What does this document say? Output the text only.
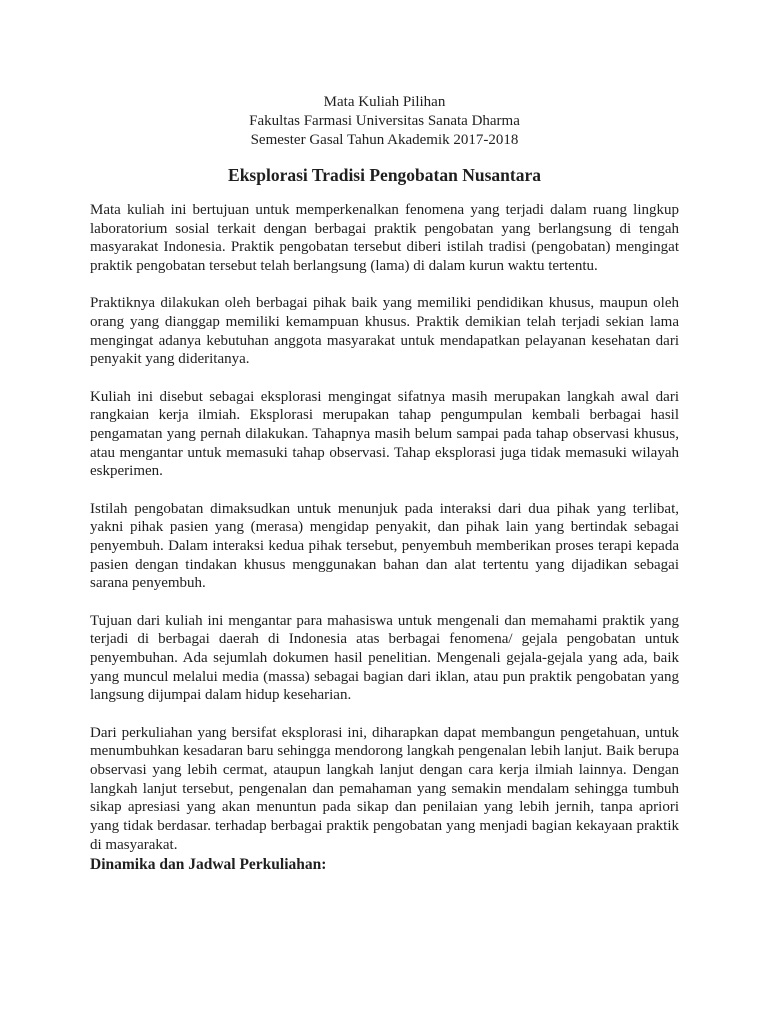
Mata Kuliah Pilihan
Fakultas Farmasi Universitas Sanata Dharma
Semester Gasal Tahun Akademik 2017-2018
Eksplorasi Tradisi Pengobatan Nusantara

Mata kuliah ini bertujuan untuk memperkenalkan fenomena yang terjadi dalam ruang lingkup laboratorium sosial terkait dengan berbagai praktik pengobatan yang berlangsung di tengah masyarakat Indonesia. Praktik pengobatan tersebut diberi istilah tradisi (pengobatan) mengingat praktik pengobatan tersebut telah berlangsung (lama) di dalam kurun waktu tertentu.

Praktiknya dilakukan oleh berbagai pihak baik yang memiliki pendidikan khusus, maupun oleh orang yang dianggap memiliki kemampuan khusus. Praktik demikian telah terjadi sekian lama mengingat adanya kebutuhan anggota masyarakat untuk mendapatkan pelayanan kesehatan dari penyakit yang dideritanya.

Kuliah ini disebut sebagai eksplorasi mengingat sifatnya masih merupakan langkah awal dari rangkaian kerja ilmiah. Eksplorasi merupakan tahap pengumpulan kembali berbagai hasil pengamatan yang pernah dilakukan. Tahapnya masih belum sampai pada tahap observasi khusus, atau mengantar untuk memasuki tahap observasi. Tahap eksplorasi juga tidak memasuki wilayah eskperimen.

Istilah pengobatan dimaksudkan untuk menunjuk pada interaksi dari dua pihak yang terlibat, yakni pihak pasien yang (merasa) mengidap penyakit, dan pihak lain yang bertindak sebagai penyembuh. Dalam interaksi kedua pihak tersebut, penyembuh memberikan proses terapi kepada pasien dengan tindakan khusus menggunakan bahan dan alat tertentu yang dijadikan sebagai sarana penyembuh.

Tujuan dari kuliah ini mengantar para mahasiswa untuk mengenali dan memahami praktik yang terjadi di berbagai daerah di Indonesia atas berbagai fenomena/ gejala pengobatan untuk penyembuhan. Ada sejumlah dokumen hasil penelitian. Mengenali gejala-gejala yang ada, baik yang muncul melalui media (massa) sebagai bagian dari iklan, atau pun praktik pengobatan yang langsung dijumpai dalam hidup keseharian.

Dari perkuliahan yang bersifat eksplorasi ini, diharapkan dapat membangun pengetahuan, untuk menumbuhkan kesadaran baru sehingga mendorong langkah pengenalan lebih lanjut. Baik berupa observasi yang lebih cermat, ataupun langkah lanjut dengan cara kerja ilmiah lainnya. Dengan langkah lanjut tersebut, pengenalan dan pemahaman yang semakin mendalam sehingga tumbuh sikap apresiasi yang akan menuntun pada sikap dan penilaian yang lebih jernih, tanpa apriori yang tidak berdasar. terhadap berbagai praktik pengobatan yang menjadi bagian kekayaan praktik di masyarakat.

Dinamika dan Jadwal Perkuliahan:
